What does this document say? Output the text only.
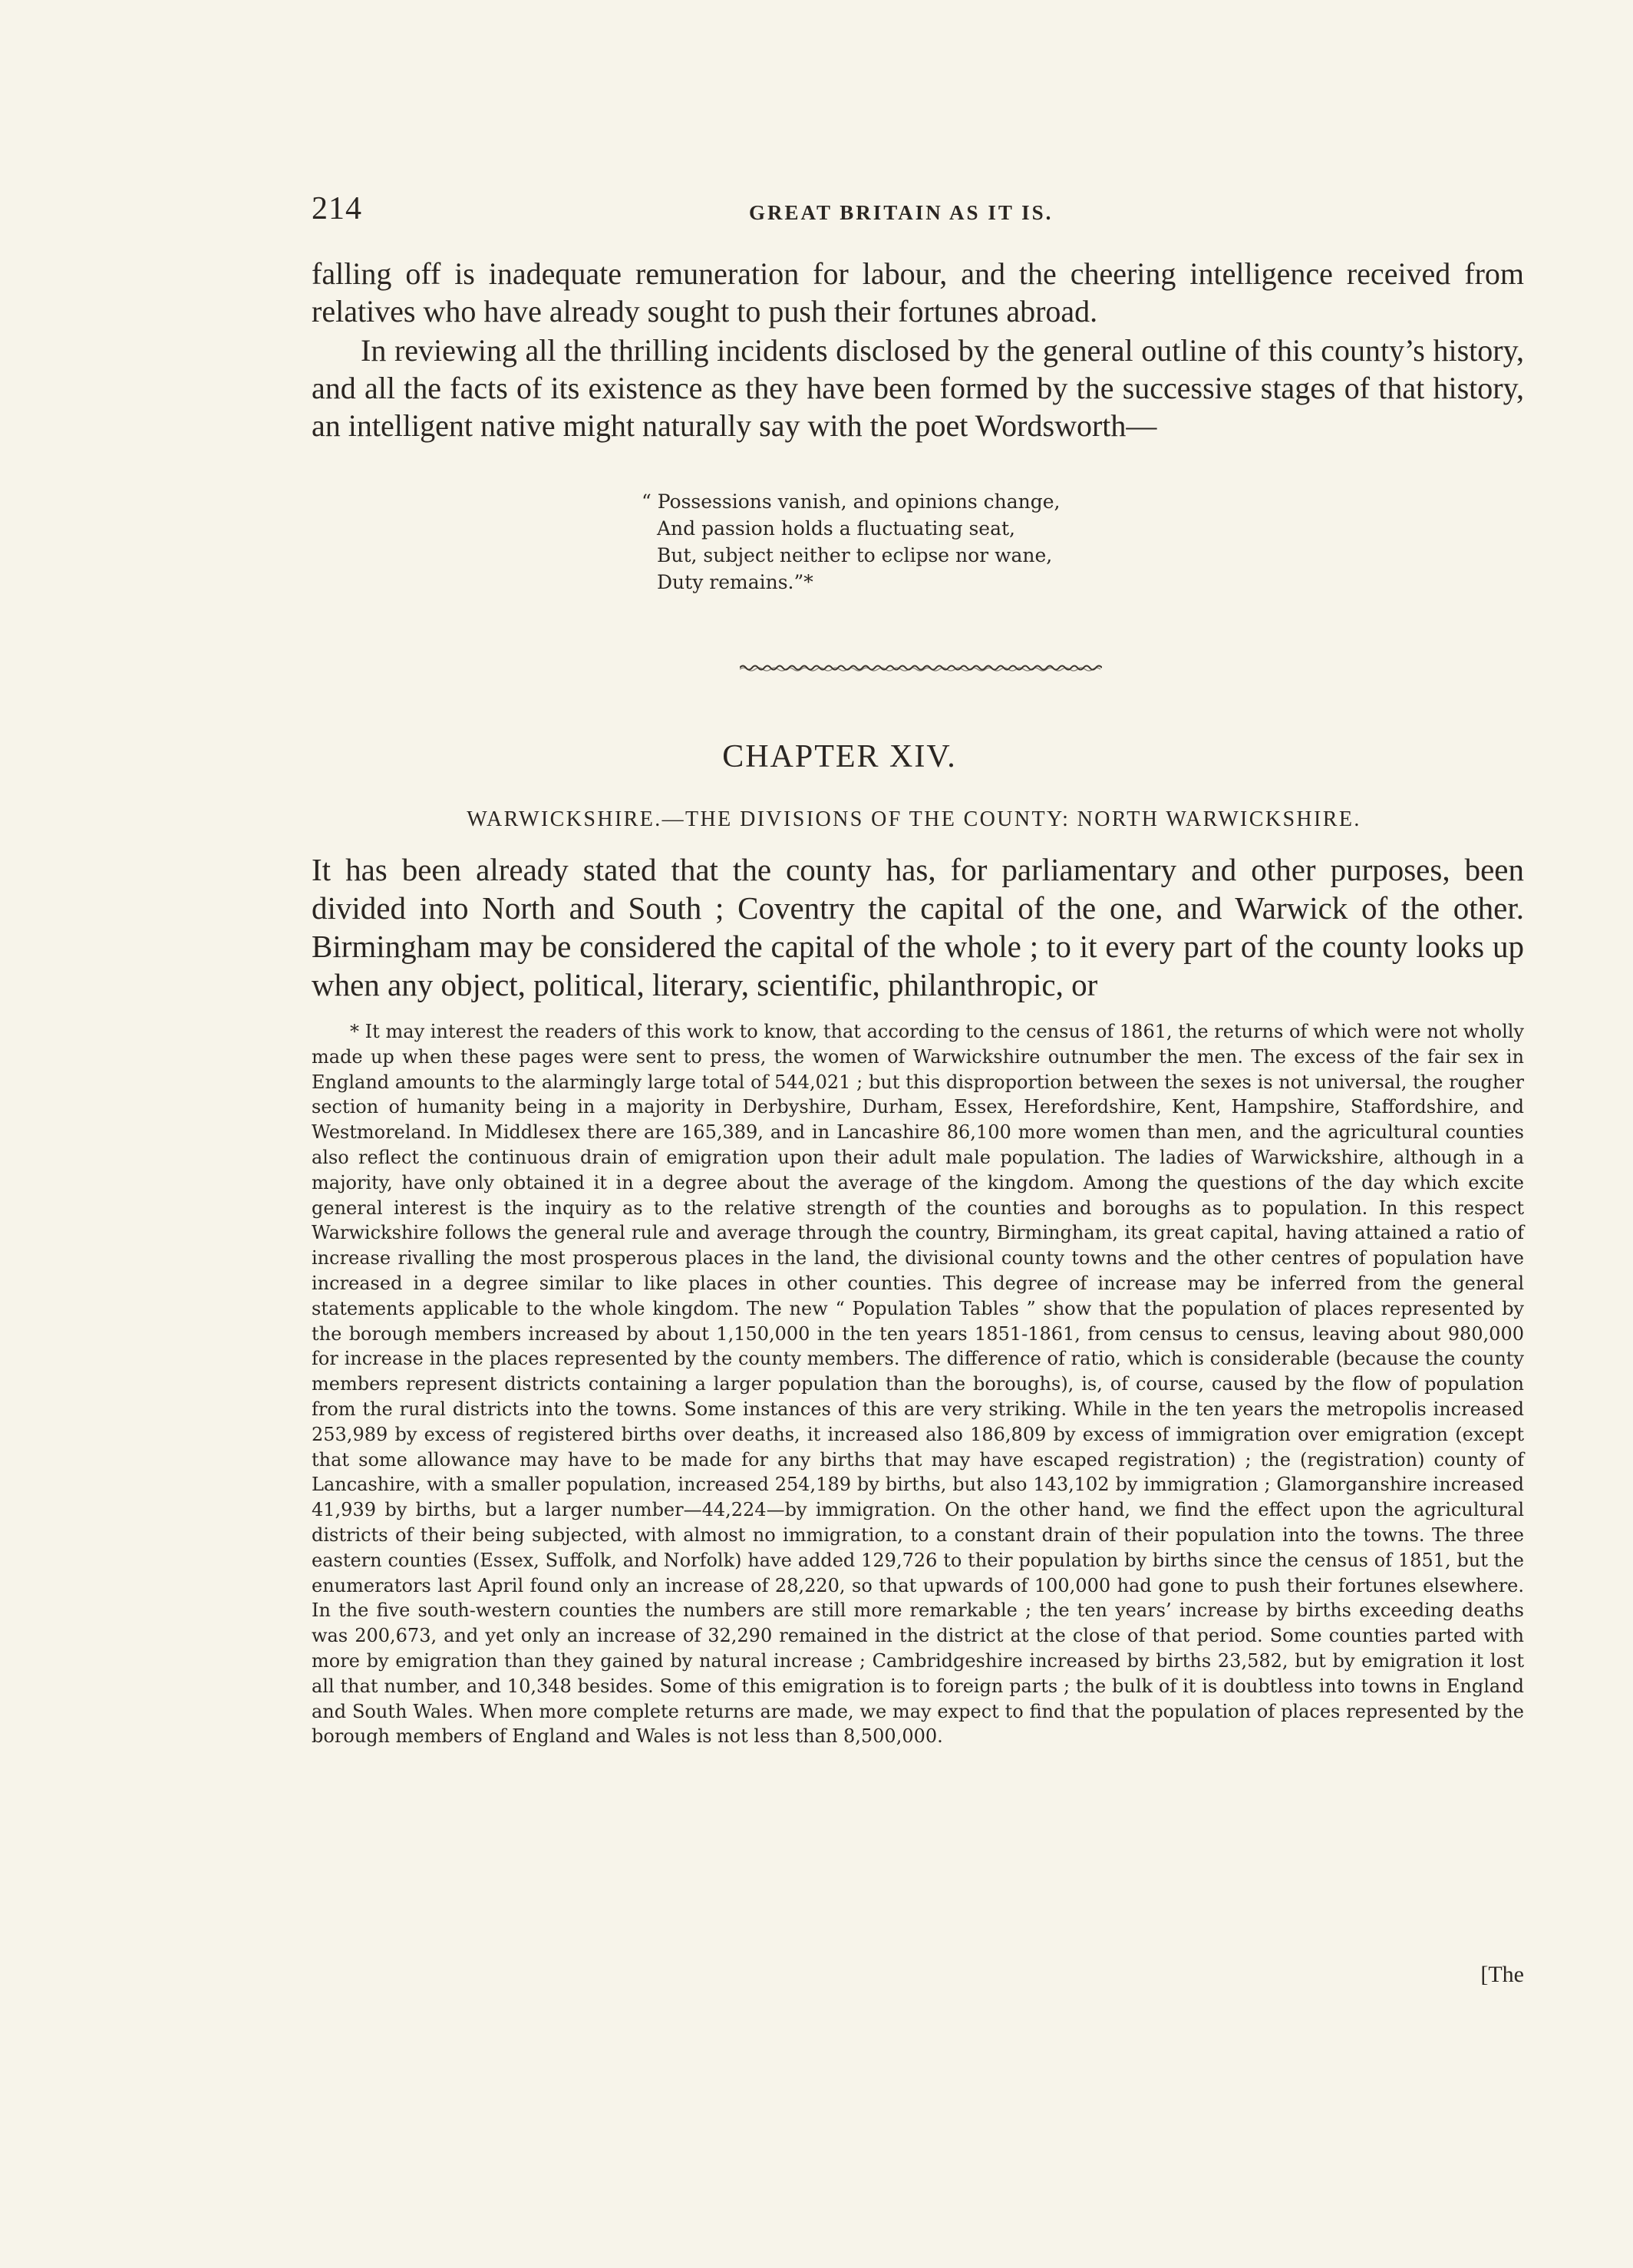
214	GREAT BRITAIN AS IT IS.

falling off is inadequate remuneration for labour, and the cheering intelligence received from relatives who have already sought to push their fortunes abroad.

In reviewing all the thrilling incidents disclosed by the general outline of this county’s history, and all the facts of its existence as they have been formed by the successive stages of that history, an intelligent native might naturally say with the poet Wordsworth—

“ Possessions vanish, and opinions change,
And passion holds a fluctuating seat,
But, subject neither to eclipse nor wane,
Duty remains.”*
CHAPTER XIV.
WARWICKSHIRE.—THE DIVISIONS OF THE COUNTY: NORTH WARWICKSHIRE.

It has been already stated that the county has, for parliamentary and other purposes, been divided into North and South ; Coventry the capital of the one, and Warwick of the other. Birmingham may be considered the capital of the whole ; to it every part of the county looks up when any object, political, literary, scientific, philanthropic, or

* It may interest the readers of this work to know, that according to the census of 1861, the returns of which were not wholly made up when these pages were sent to press, the women of Warwickshire outnumber the men. The excess of the fair sex in England amounts to the alarmingly large total of 544,021 ; but this disproportion between the sexes is not universal, the rougher section of humanity being in a majority in Derbyshire, Durham, Essex, Herefordshire, Kent, Hampshire, Staffordshire, and Westmoreland. In Middlesex there are 165,389, and in Lancashire 86,100 more women than men, and the agricultural counties also reflect the continuous drain of emigration upon their adult male population. The ladies of Warwickshire, although in a majority, have only obtained it in a degree about the average of the kingdom. Among the questions of the day which excite general interest is the inquiry as to the relative strength of the counties and boroughs as to population. In this respect Warwickshire follows the general rule and average through the country, Birmingham, its great capital, having attained a ratio of increase rivalling the most prosperous places in the land, the divisional county towns and the other centres of population have increased in a degree similar to like places in other counties. This degree of increase may be inferred from the general statements applicable to the whole kingdom. The new “ Population Tables ” show that the population of places represented by the borough members increased by about 1,150,000 in the ten years 1851-1861, from census to census, leaving about 980,000 for increase in the places represented by the county members. The difference of ratio, which is considerable (because the county members represent districts containing a larger population than the boroughs), is, of course, caused by the flow of population from the rural districts into the towns. Some instances of this are very striking. While in the ten years the metropolis increased 253,989 by excess of registered births over deaths, it increased also 186,809 by excess of immigration over emigration (except that some allowance may have to be made for any births that may have escaped registration) ; the (registration) county of Lancashire, with a smaller population, increased 254,189 by births, but also 143,102 by immigration ; Glamorganshire increased 41,939 by births, but a larger number—44,224—by immigration. On the other hand, we find the effect upon the agricultural districts of their being subjected, with almost no immigration, to a constant drain of their population into the towns. The three eastern counties (Essex, Suffolk, and Norfolk) have added 129,726 to their population by births since the census of 1851, but the enumerators last April found only an increase of 28,220, so that upwards of 100,000 had gone to push their fortunes elsewhere. In the five south-western counties the numbers are still more remarkable ; the ten years’ increase by births exceeding deaths was 200,673, and yet only an increase of 32,290 remained in the district at the close of that period. Some counties parted with more by emigration than they gained by natural increase ; Cambridgeshire increased by births 23,582, but by emigration it lost all that number, and 10,348 besides. Some of this emigration is to foreign parts ; the bulk of it is doubtless into towns in England and South Wales. When more complete returns are made, we may expect to find that the population of places represented by the borough members of England and Wales is not less than 8,500,000.

[The
